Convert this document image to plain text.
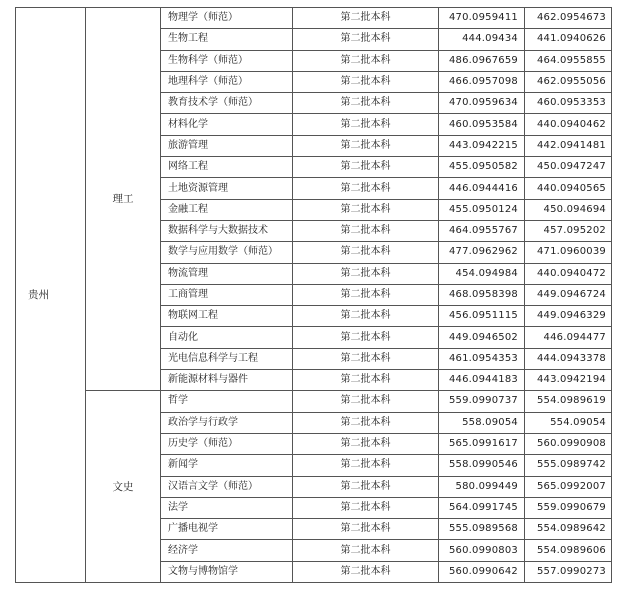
贵州	理工	物理学（师范）	第二批本科	470.0959411	462.0954673
		生物工程	第二批本科	444.09434	441.0940626
		生物科学（师范）	第二批本科	486.0967659	464.0955855
		地理科学（师范）	第二批本科	466.0957098	462.0955056
		教育技术学（师范）	第二批本科	470.0959634	460.0953353
		材料化学	第二批本科	460.0953584	440.0940462
		旅游管理	第二批本科	443.0942215	442.0941481
		网络工程	第二批本科	455.0950582	450.0947247
		土地资源管理	第二批本科	446.0944416	440.0940565
		金融工程	第二批本科	455.0950124	450.094694
		数据科学与大数据技术	第二批本科	464.0955767	457.095202
		数学与应用数学（师范）	第二批本科	477.0962962	471.0960039
		物流管理	第二批本科	454.094984	440.0940472
		工商管理	第二批本科	468.0958398	449.0946724
		物联网工程	第二批本科	456.0951115	449.0946329
		自动化	第二批本科	449.0946502	446.094477
		光电信息科学与工程	第二批本科	461.0954353	444.0943378
		新能源材料与器件	第二批本科	446.0944183	443.0942194
	文史	哲学	第二批本科	559.0990737	554.0989619
		政治学与行政学	第二批本科	558.09054	554.09054
		历史学（师范）	第二批本科	565.0991617	560.0990908
		新闻学	第二批本科	558.0990546	555.0989742
		汉语言文学（师范）	第二批本科	580.099449	565.0992007
		法学	第二批本科	564.0991745	559.0990679
		广播电视学	第二批本科	555.0989568	554.0989642
		经济学	第二批本科	560.0990803	554.0989606
		文物与博物馆学	第二批本科	560.0990642	557.0990273
